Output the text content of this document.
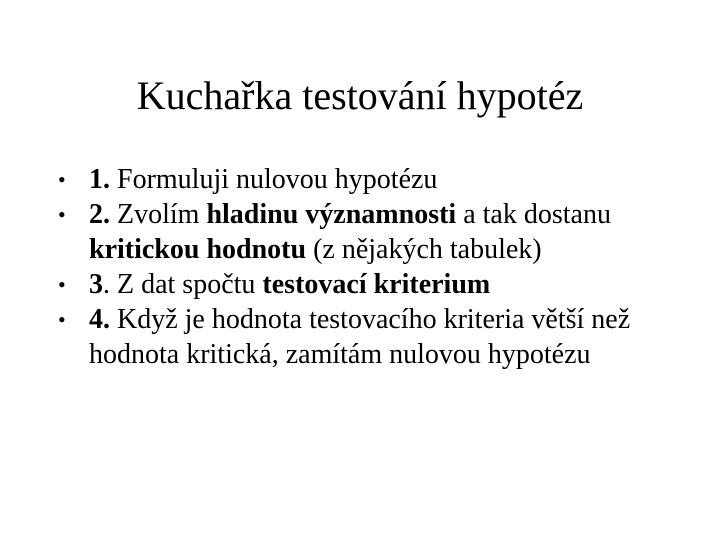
Kuchařka testování hypotéz
• 1. Formuluji nulovou hypotézu
• 2. Zvolím hladinu významnosti a tak dostanu kritickou hodnotu (z nějakých tabulek)
• 3. Z dat spočtu testovací kriterium
• 4. Když je hodnota testovacího kriteria větší než hodnota kritická, zamítám nulovou hypotézu
